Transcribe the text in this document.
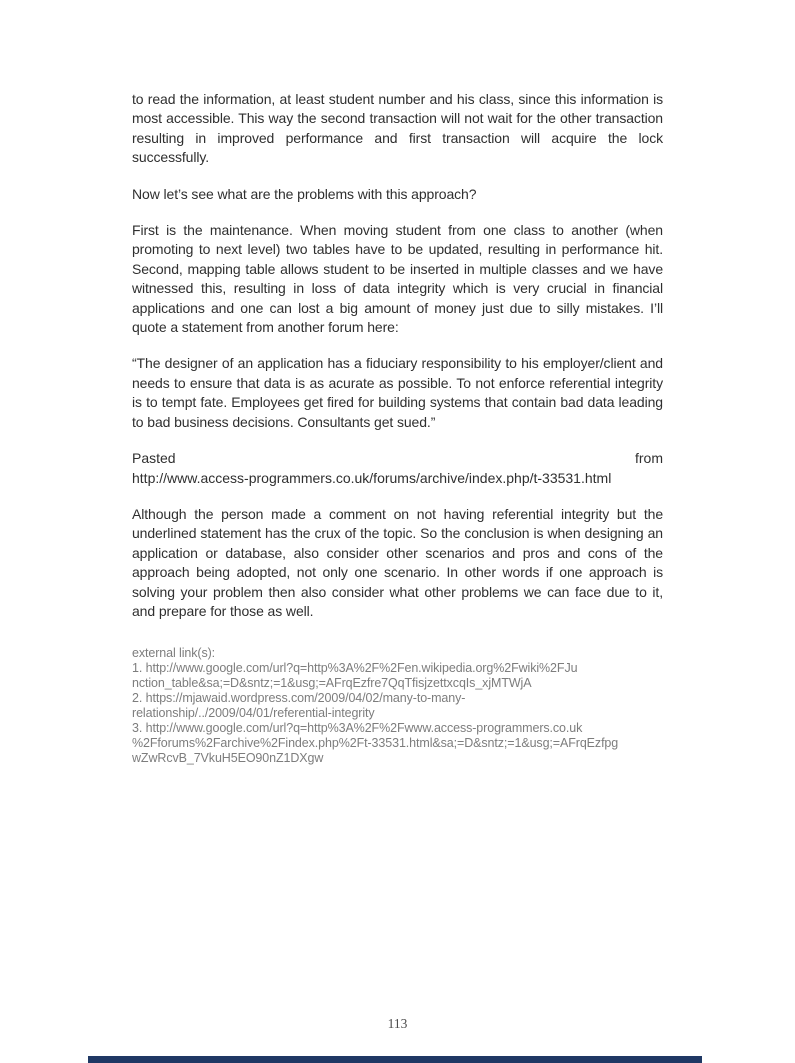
to read the information, at least student number and his class, since this information is most accessible. This way the second transaction will not wait for the other transaction resulting in improved performance and first transaction will acquire the lock successfully.

Now let’s see what are the problems with this approach?

First is the maintenance. When moving student from one class to another (when promoting to next level) two tables have to be updated, resulting in performance hit. Second, mapping table allows student to be inserted in multiple classes and we have witnessed this, resulting in loss of data integrity which is very crucial in financial applications and one can lost a big amount of money just due to silly mistakes. I’ll quote a statement from another forum here:

“The designer of an application has a fiduciary responsibility to his employer/client and needs to ensure that data is as acurate as possible. To not enforce referential integrity is to tempt fate. Employees get fired for building systems that contain bad data leading to bad business decisions. Consultants get sued.”

Pasted	from
http://www.access-programmers.co.uk/forums/archive/index.php/t-33531.html

Although the person made a comment on not having referential integrity but the underlined statement has the crux of the topic. So the conclusion is when designing an application or database, also consider other scenarios and pros and cons of the approach being adopted, not only one scenario. In other words if one approach is solving your problem then also consider what other problems we can face due to it, and prepare for those as well.

external link(s):
1. http://www.google.com/url?q=http%3A%2F%2Fen.wikipedia.org%2Fwiki%2FJu
nction_table&sa;=D&sntz;=1&usg;=AFrqEzfre7QqTfisjzettxcqIs_xjMTWjA
2. https://mjawaid.wordpress.com/2009/04/02/many-to-many-
relationship/../2009/04/01/referential-integrity
3. http://www.google.com/url?q=http%3A%2F%2Fwww.access-programmers.co.uk
%2Fforums%2Farchive%2Findex.php%2Ft-33531.html&sa;=D&sntz;=1&usg;=AFrqEzfpg
wZwRcvB_7VkuH5EO90nZ1DXgw
113
